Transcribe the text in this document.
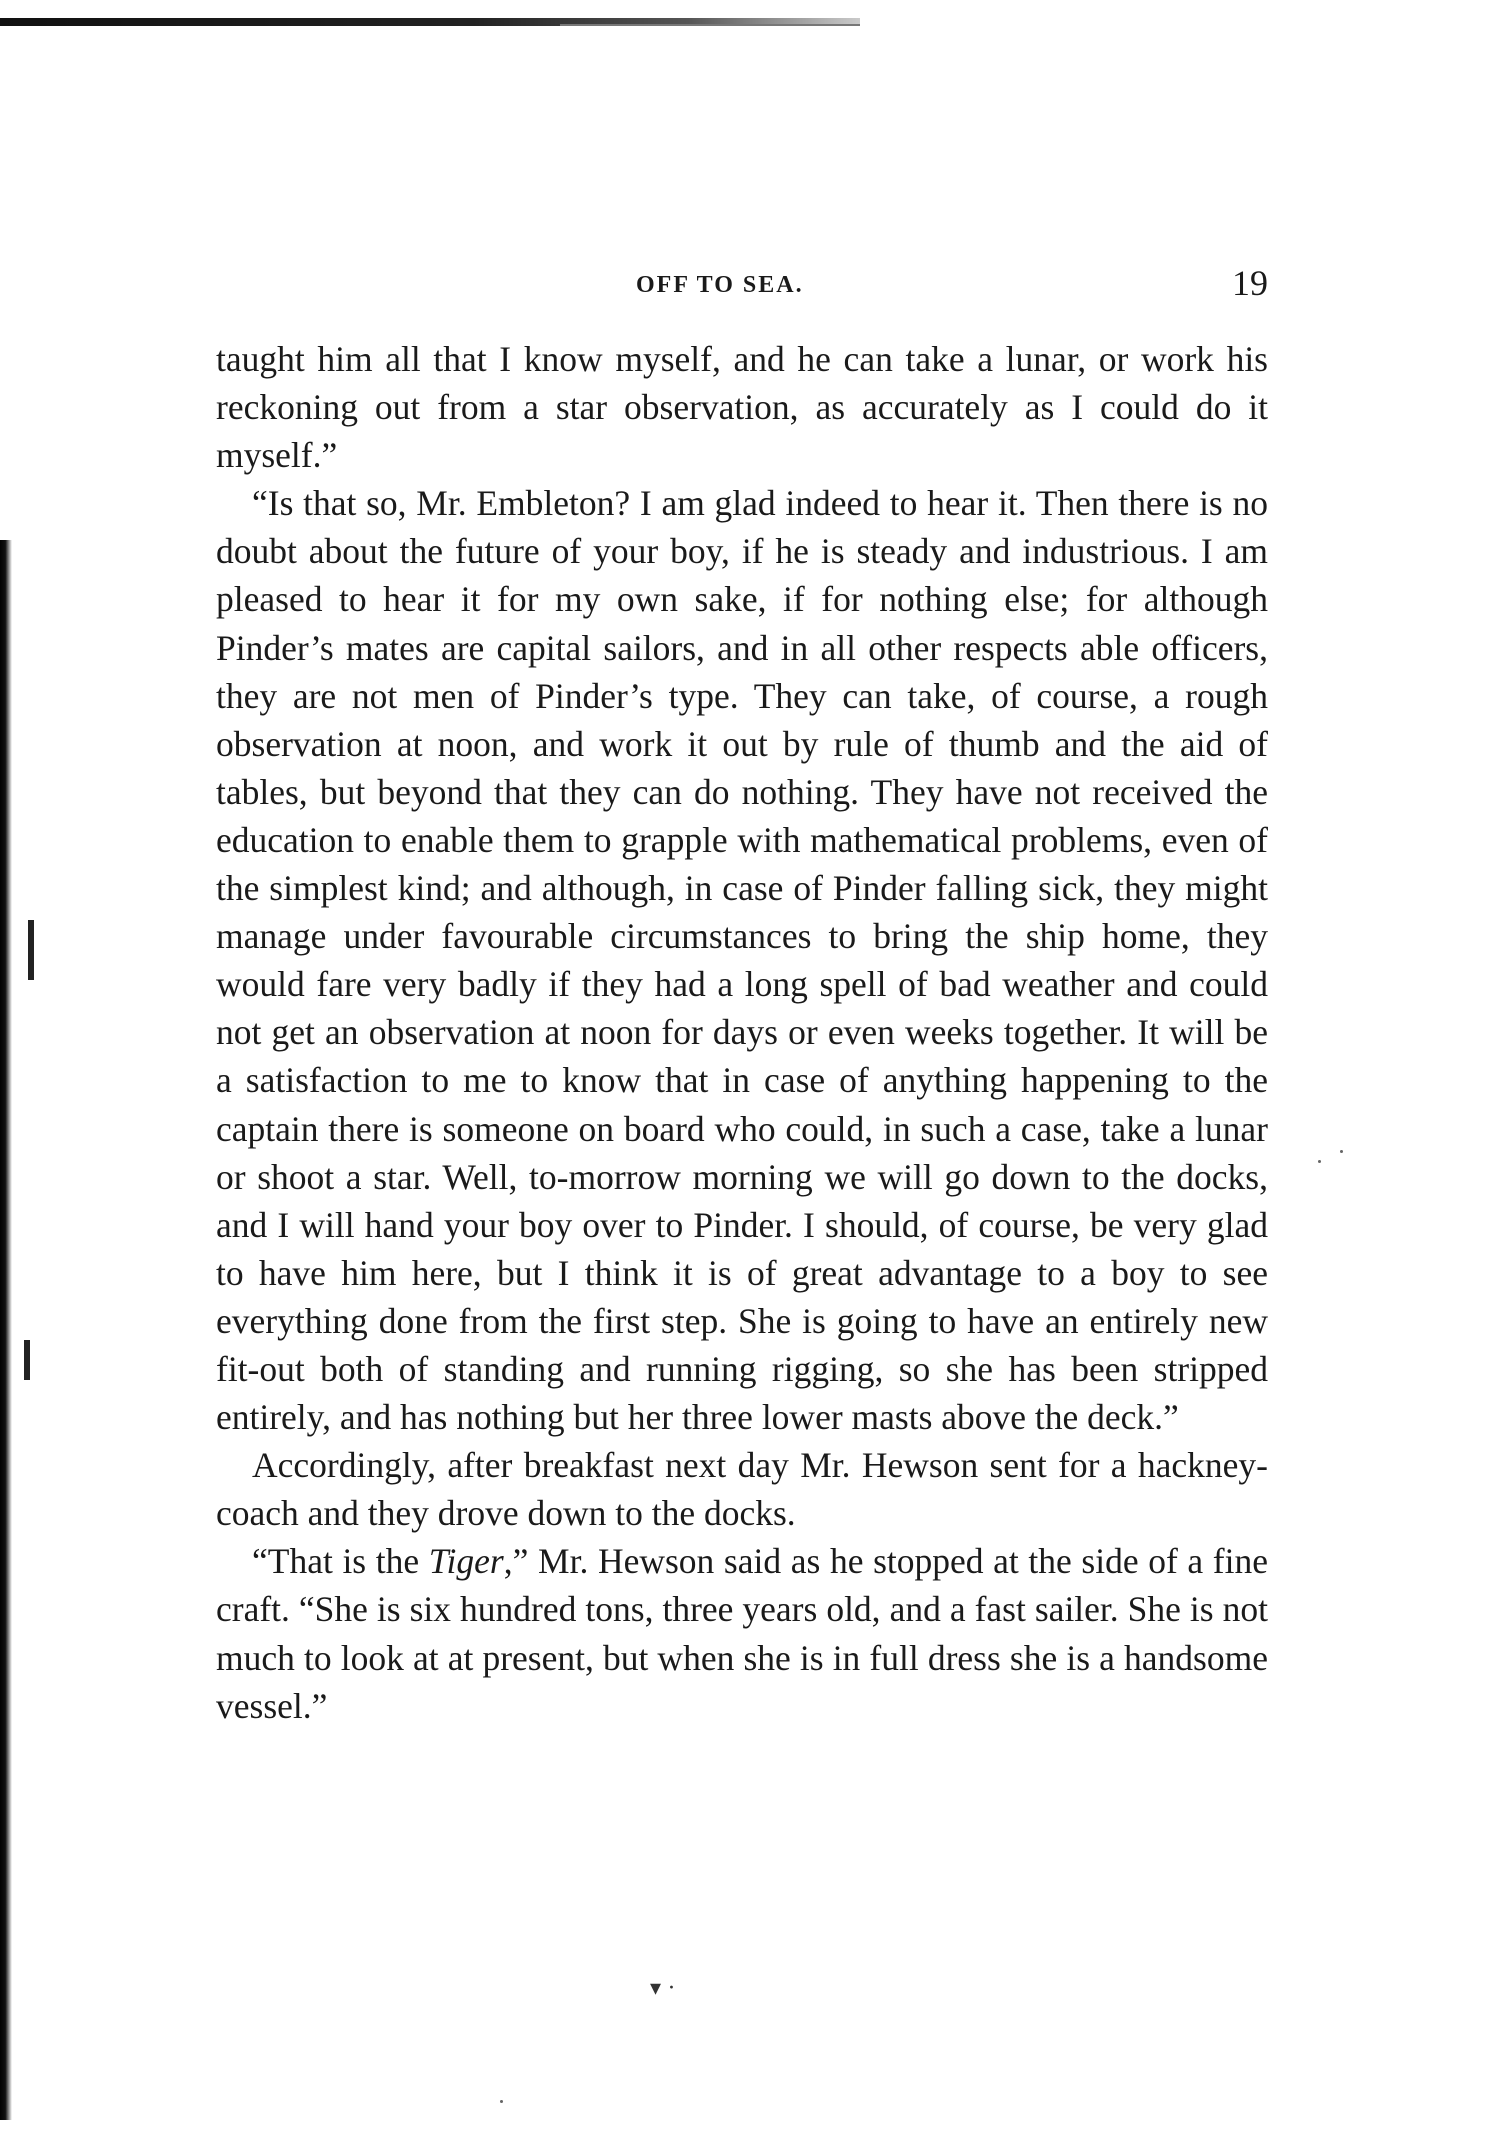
OFF TO SEA.	19

taught him all that I know myself, and he can take a lunar, or work his reckoning out from a star observation, as accurately as I could do it myself.”

“Is that so, Mr. Embleton? I am glad indeed to hear it. Then there is no doubt about the future of your boy, if he is steady and industrious. I am pleased to hear it for my own sake, if for nothing else; for although Pinder’s mates are capital sailors, and in all other respects able officers, they are not men of Pinder’s type. They can take, of course, a rough observation at noon, and work it out by rule of thumb and the aid of tables, but beyond that they can do nothing. They have not received the education to enable them to grapple with mathematical problems, even of the simplest kind; and although, in case of Pinder falling sick, they might manage under favourable circumstances to bring the ship home, they would fare very badly if they had a long spell of bad weather and could not get an observation at noon for days or even weeks together. It will be a satisfaction to me to know that in case of anything happening to the captain there is someone on board who could, in such a case, take a lunar or shoot a star. Well, to-morrow morning we will go down to the docks, and I will hand your boy over to Pinder. I should, of course, be very glad to have him here, but I think it is of great advantage to a boy to see everything done from the first step. She is going to have an entirely new fit-out both of standing and running rigging, so she has been stripped entirely, and has nothing but her three lower masts above the deck.”

Accordingly, after breakfast next day Mr. Hewson sent for a hackney-coach and they drove down to the docks.

“That is the Tiger,” Mr. Hewson said as he stopped at the side of a fine craft. “She is six hundred tons, three years old, and a fast sailer. She is not much to look at at present, but when she is in full dress she is a handsome vessel.”

▾ ·
